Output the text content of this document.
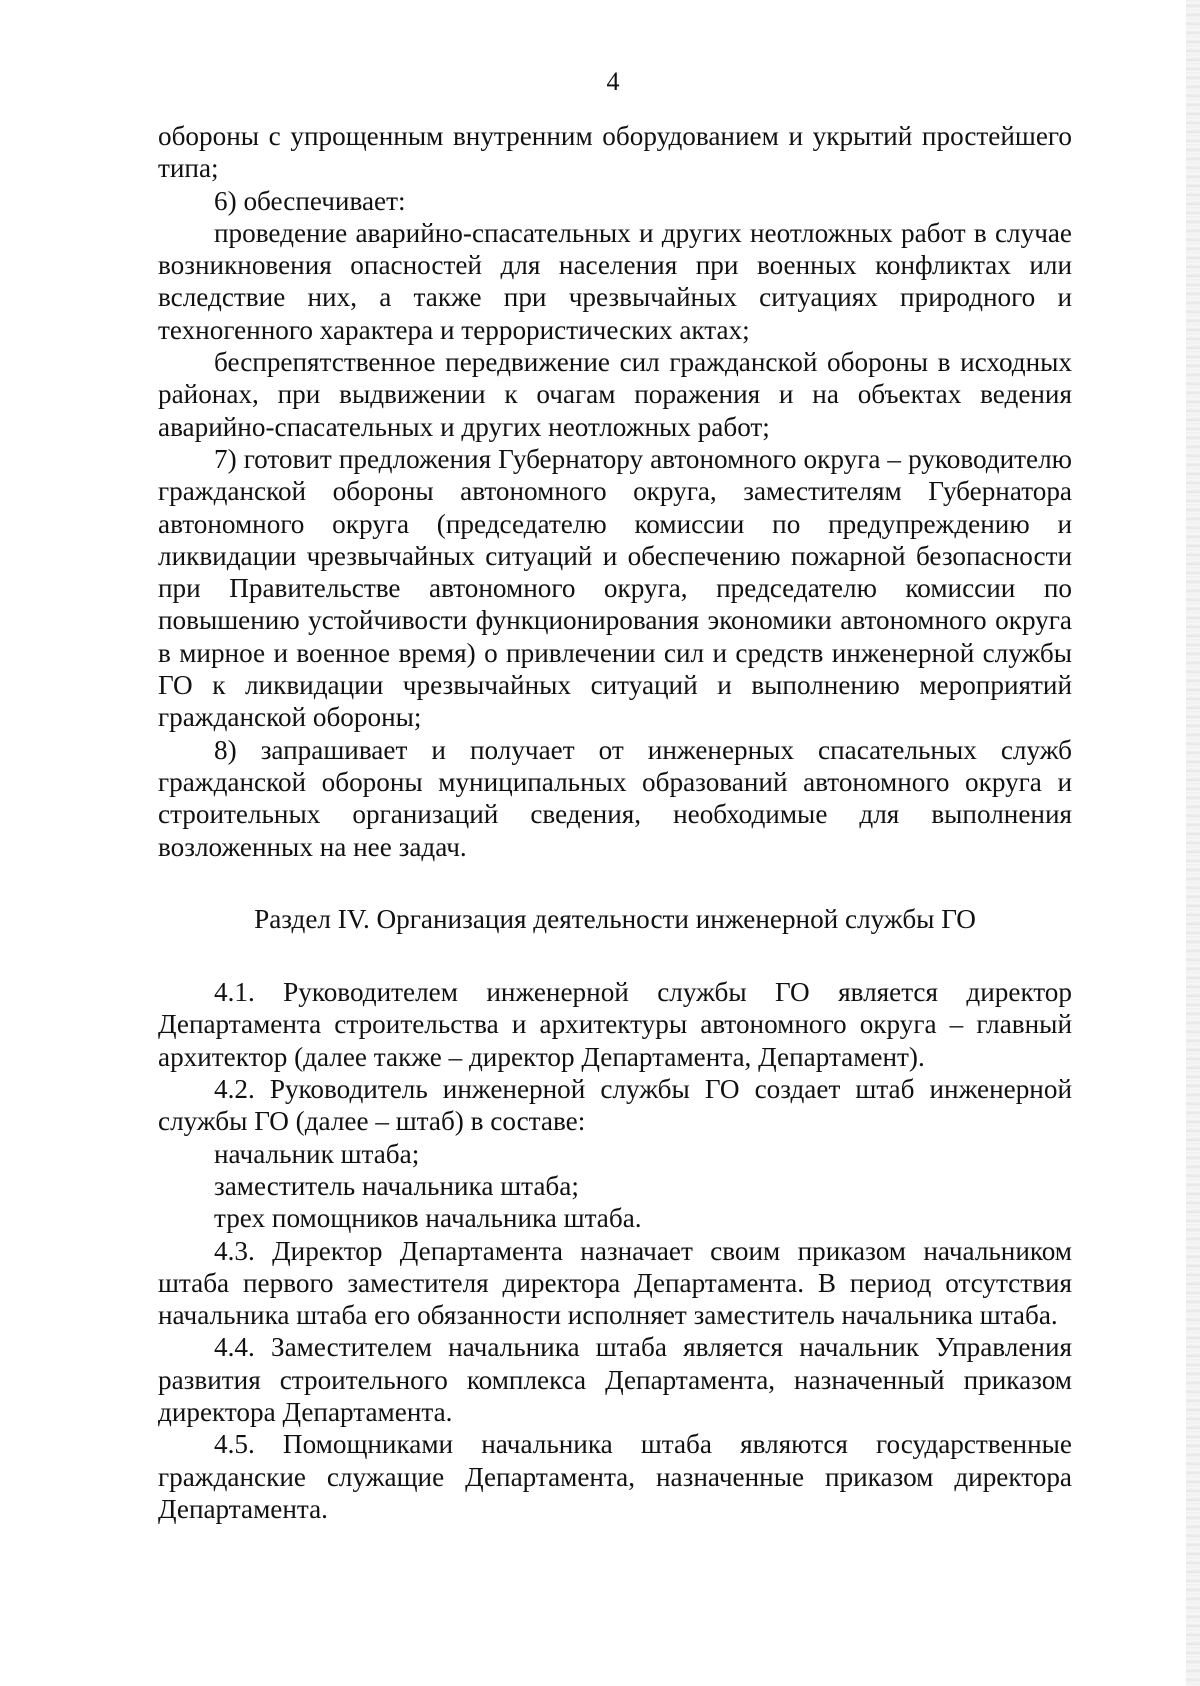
4

обороны с упрощенным внутренним оборудованием и укрытий простейшего типа;

6) обеспечивает:

проведение аварийно-спасательных и других неотложных работ в случае возникновения опасностей для населения при военных конфликтах или вследствие них, а также при чрезвычайных ситуациях природного и техногенного характера и террористических актах;

беспрепятственное передвижение сил гражданской обороны в исходных районах, при выдвижении к очагам поражения и на объектах ведения аварийно-спасательных и других неотложных работ;

7) готовит предложения Губернатору автономного округа – руководителю гражданской обороны автономного округа, заместителям Губернатора автономного округа (председателю комиссии по предупреждению и ликвидации чрезвычайных ситуаций и обеспечению пожарной безопасности при Правительстве автономного округа, председателю комиссии по повышению устойчивости функционирования экономики автономного округа в мирное и военное время) о привлечении сил и средств инженерной службы ГО к ликвидации чрезвычайных ситуаций и выполнению мероприятий гражданской обороны;

8) запрашивает и получает от инженерных спасательных служб гражданской обороны муниципальных образований автономного округа и строительных организаций сведения, необходимые для выполнения возложенных на нее задач.

Раздел IV. Организация деятельности инженерной службы ГО

4.1. Руководителем инженерной службы ГО является директор Департамента строительства и архитектуры автономного округа – главный архитектор (далее также – директор Департамента, Департамент).

4.2. Руководитель инженерной службы ГО создает штаб инженерной службы ГО (далее – штаб) в составе:

начальник штаба;

заместитель начальника штаба;

трех помощников начальника штаба.

4.3. Директор Департамента назначает своим приказом начальником штаба первого заместителя директора Департамента. В период отсутствия начальника штаба его обязанности исполняет заместитель начальника штаба.

4.4. Заместителем начальника штаба является начальник Управления развития строительного комплекса Департамента, назначенный приказом директора Департамента.

4.5. Помощниками начальника штаба являются государственные гражданские служащие Департамента, назначенные приказом директора Департамента.
